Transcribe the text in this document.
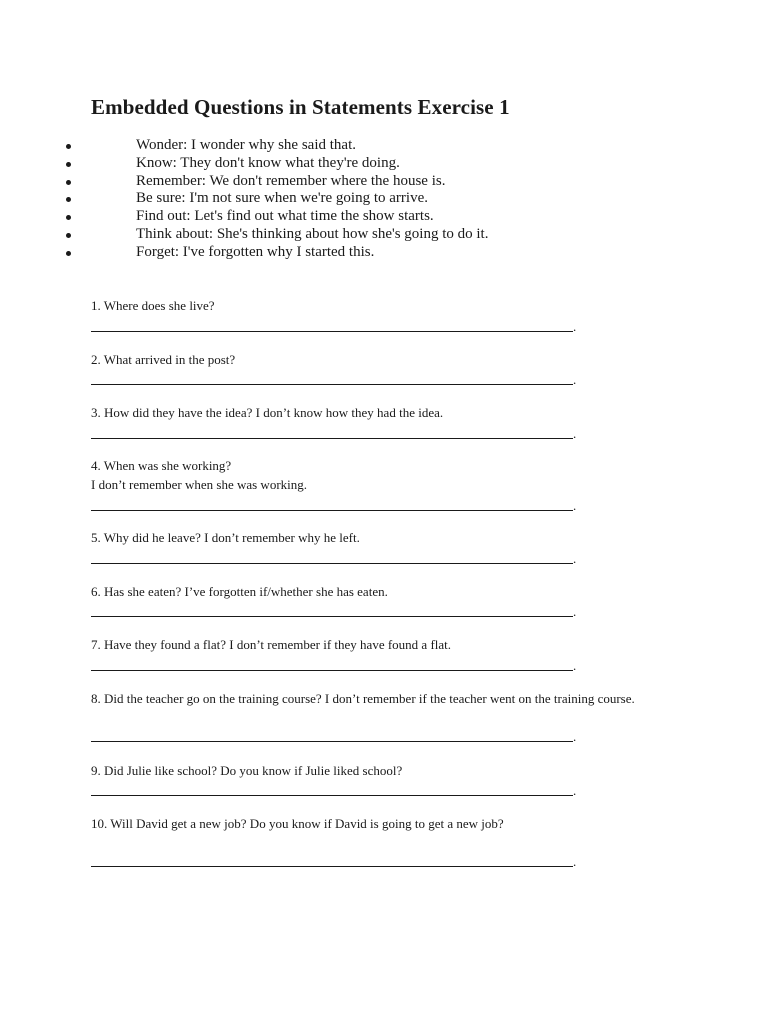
Embedded Questions in Statements Exercise 1
Wonder: I wonder why she said that.
Know: They don't know what they're doing.
Remember: We don't remember where the house is.
Be sure: I'm not sure when we're going to arrive.
Find out: Let's find out what time the show starts.
Think about: She's thinking about how she's going to do it.
Forget: I've forgotten why I started this.
1. Where does she live?
.
2. What arrived in the post?
.
3. How did they have the idea? I don’t know how they had the idea.
.
4. When was she working?
I don’t remember when she was working.
.
5. Why did he leave? I don’t remember why he left.
.
6. Has she eaten? I’ve forgotten if/whether she has eaten.
.
7. Have they found a flat? I don’t remember if they have found a flat.
.
8. Did the teacher go on the training course? I don’t remember if the teacher went on the training course.
.
9. Did Julie like school? Do you know if Julie liked school?
.
10. Will David get a new job? Do you know if David is going to get a new job?
.
